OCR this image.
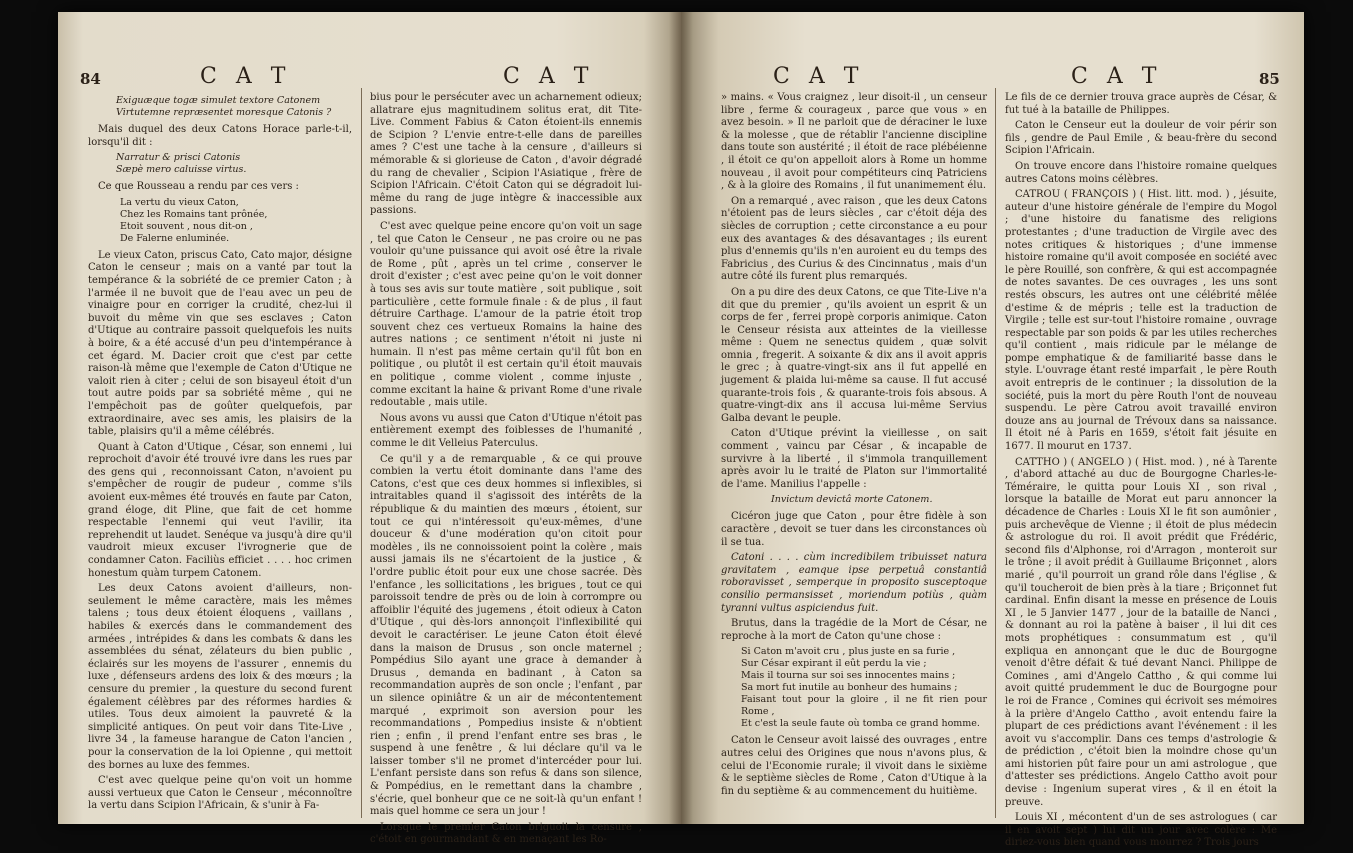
84	C A T	C A T
Exiguæque togæ simulet textore Catonem
Virtutemne repræsentet moresque Catonis ?

Mais duquel des deux Catons Horace parle-t-il, lorsqu'il dit :

Narratur & prisci Catonis
Sæpè mero caluisse virtus.

Ce que Rousseau a rendu par ces vers :

La vertu du vieux Caton,
Chez les Romains tant prônée,
Etoit souvent , nous dit-on ,
De Falerne enluminée.

Le vieux Caton, priscus Cato, Cato major, désigne Caton le censeur ; mais on a vanté par tout la tempérance & la sobriété de ce premier Caton ; à l'armée il ne buvoit que de l'eau avec un peu de vinaigre pour en corriger la crudité, chez-lui il buvoit du même vin que ses esclaves ; Caton d'Utique au contraire passoit quelquefois les nuits à boire, & a été accusé d'un peu d'intempérance à cet égard. M. Dacier croit que c'est par cette raison-là même que l'exemple de Caton d'Utique ne valoit rien à citer ; celui de son bisayeul étoit d'un tout autre poids par sa sobriété même , qui ne l'empêchoit pas de goûter quelquefois, par extraordinaire, avec ses amis, les plaisirs de la table, plaisirs qu'il a même célébrés.

Quant à Caton d'Utique , César, son ennemi , lui reprochoit d'avoir été trouvé ivre dans les rues par des gens qui , reconnoissant Caton, n'avoient pu s'empêcher de rougir de pudeur , comme s'ils avoient eux-mêmes été trouvés en faute par Caton, grand éloge, dit Pline, que fait de cet homme respectable l'ennemi qui veut l'avilir, ita reprehendit ut laudet. Senéque va jusqu'à dire qu'il vaudroit mieux excuser l'ivrognerie que de condamner Caton. Faciliùs efficiet . . . . hoc crimen honestum quàm turpem Catonem.

Les deux Catons avoient d'ailleurs, non-seulement le même caractère, mais les mêmes talens ; tous deux étoient éloquens , vaillans , habiles & exercés dans le commandement des armées , intrépides & dans les combats & dans les assemblées du sénat, zélateurs du bien public , éclairés sur les moyens de l'assurer , ennemis du luxe , défenseurs ardens des loix & des mœurs ; la censure du premier , la questure du second furent également célèbres par des réformes hardies & utiles. Tous deux aimoient la pauvreté & la simplicité antiques. On peut voir dans Tite-Live , livre 34 , la fameuse harangue de Caton l'ancien , pour la conservation de la loi Opienne , qui mettoit des bornes au luxe des femmes.

C'est avec quelque peine qu'on voit un homme aussi vertueux que Caton le Censeur , méconnoître la vertu dans Scipion l'Africain, & s'unir à Fa-

bius pour le persécuter avec un acharnement odieux; allatrare ejus magnitudinem solitus erat, dit Tite-Live. Comment Fabius & Caton étoient-ils ennemis de Scipion ? L'envie entre-t-elle dans de pareilles ames ? C'est une tache à la censure , d'ailleurs si mémorable & si glorieuse de Caton , d'avoir dégradé du rang de chevalier , Scipion l'Asiatique , frère de Scipion l'Africain. C'étoit Caton qui se dégradoit lui-même du rang de juge intègre & inaccessible aux passions.

C'est avec quelque peine encore qu'on voit un sage , tel que Caton le Censeur , ne pas croire ou ne pas vouloir qu'une puissance qui avoit osé être la rivale de Rome , pût , après un tel crime , conserver le droit d'exister ; c'est avec peine qu'on le voit donner à tous ses avis sur toute matière , soit publique , soit particulière , cette formule finale : & de plus , il faut détruire Carthage. L'amour de la patrie étoit trop souvent chez ces vertueux Romains la haine des autres nations ; ce sentiment n'étoit ni juste ni humain. Il n'est pas même certain qu'il fût bon en politique , ou plutôt il est certain qu'il étoit mauvais en politique , comme violent , comme injuste , comme excitant la haine & privant Rome d'une rivale redoutable , mais utile.

Nous avons vu aussi que Caton d'Utique n'étoit pas entièrement exempt des foiblesses de l'humanité , comme le dit Velleius Paterculus.

Ce qu'il y a de remarquable , & ce qui prouve combien la vertu étoit dominante dans l'ame des Catons, c'est que ces deux hommes si inflexibles, si intraitables quand il s'agissoit des intérêts de la république & du maintien des mœurs , étoient, sur tout ce qui n'intéressoit qu'eux-mêmes, d'une douceur & d'une modération qu'on citoit pour modèles , ils ne connoissoient point la colère , mais aussi jamais ils ne s'écartoient de la justice , & l'ordre public étoit pour eux une chose sacrée. Dès l'enfance , les sollicitations , les brigues , tout ce qui paroissoit tendre de près ou de loin à corrompre ou affoiblir l'équité des jugemens , étoit odieux à Caton d'Utique , qui dès-lors annonçoit l'inflexibilité qui devoit le caractériser. Le jeune Caton étoit élevé dans la maison de Drusus , son oncle maternel ; Pompédius Silo ayant une grace à demander à Drusus , demanda en badinant , à Caton sa recommandation auprès de son oncle ; l'enfant , par un silence opiniâtre & un air de mécontentement marqué , exprimoit son aversion pour les recommandations , Pompedius insiste & n'obtient rien ; enfin , il prend l'enfant entre ses bras , le suspend à une fenêtre , & lui déclare qu'il va le laisser tomber s'il ne promet d'intercéder pour lui. L'enfant persiste dans son refus & dans son silence, & Pompédius, en le remettant dans la chambre , s'écrie, quel bonheur que ce ne soit-là qu'un enfant ! mais quel homme ce sera un jour !

Lorsque le premier Caton briguoit la censure , c'étoit en gourmandant & en menaçant les Ro-

C A T	C A T	85

» mains. « Vous craignez , leur disoit-il , un censeur libre , ferme & courageux , parce que vous » en avez besoin. » Il ne parloit que de déraciner le luxe & la molesse , que de rétablir l'ancienne discipline dans toute son austérité ; il étoit de race plébéienne , il étoit ce qu'on appelloit alors à Rome un homme nouveau , il avoit pour compétiteurs cinq Patriciens , & à la gloire des Romains , il fut unanimement élu.

On a remarqué , avec raison , que les deux Catons n'étoient pas de leurs siècles , car c'étoit déja des siècles de corruption ; cette circonstance a eu pour eux des avantages & des désavantages ; ils eurent plus d'ennemis qu'ils n'en auroient eu du temps des Fabricius , des Curius & des Cincinnatus , mais d'un autre côté ils furent plus remarqués.

On a pu dire des deux Catons, ce que Tite-Live n'a dit que du premier , qu'ils avoient un esprit & un corps de fer , ferrei propè corporis animique. Caton le Censeur résista aux atteintes de la vieillesse même : Quem ne senectus quidem , quæ solvit omnia , fregerit. A soixante & dix ans il avoit appris le grec ; à quatre-vingt-six ans il fut appellé en jugement & plaida lui-même sa cause. Il fut accusé quarante-trois fois , & quarante-trois fois absous. A quatre-vingt-dix ans il accusa lui-même Servius Galba devant le peuple.

Caton d'Utique prévint la vieillesse , on sait comment , vaincu par César , & incapable de survivre à la liberté , il s'immola tranquillement après avoir lu le traité de Platon sur l'immortalité de l'ame. Manilius l'appelle :

Invictum devictâ morte Catonem.

Cicéron juge que Caton , pour être fidèle à son caractère , devoit se tuer dans les circonstances où il se tua.

Catoni . . . . cùm incredibilem tribuisset natura gravitatem , eamque ipse perpetuâ constantiâ roboravisset , semperque in proposito susceptoque consilio permansisset , moriendum potiùs , quàm tyranni vultus aspiciendus fuit.

Brutus, dans la tragédie de la Mort de César, ne reproche à la mort de Caton qu'une chose :

Si Caton m'avoit cru , plus juste en sa furie ,
Sur César expirant il eût perdu la vie ;
Mais il tourna sur soi ses innocentes mains ;
Sa mort fut inutile au bonheur des humains ;
Faisant tout pour la gloire , il ne fit rien pour Rome ,
Et c'est la seule faute où tomba ce grand homme.

Caton le Censeur avoit laissé des ouvrages , entre autres celui des Origines que nous n'avons plus, & celui de l'Economie rurale; il vivoit dans le sixième & le septième siècles de Rome , Caton d'Utique à la fin du septième & au commencement du huitième.

Le fils de ce dernier trouva grace auprès de César, & fut tué à la bataille de Philippes.

Caton le Censeur eut la douleur de voir périr son fils , gendre de Paul Emile , & beau-frère du second Scipion l'Africain.

On trouve encore dans l'histoire romaine quelques autres Catons moins célèbres.

CATROU ( FRANÇOIS ) ( Hist. litt. mod. ) , jésuite, auteur d'une histoire générale de l'empire du Mogol ; d'une histoire du fanatisme des religions protestantes ; d'une traduction de Virgile avec des notes critiques & historiques ; d'une immense histoire romaine qu'il avoit composée en société avec le père Rouillé, son confrère, & qui est accompagnée de notes savantes. De ces ouvrages , les uns sont restés obscurs, les autres ont une célébrité mêlée d'estime & de mépris ; telle est la traduction de Virgile ; telle est sur-tout l'histoire romaine , ouvrage respectable par son poids & par les utiles recherches qu'il contient , mais ridicule par le mélange de pompe emphatique & de familiarité basse dans le style. L'ouvrage étant resté imparfait , le père Routh avoit entrepris de le continuer ; la dissolution de la société, puis la mort du père Routh l'ont de nouveau suspendu. Le père Catrou avoit travaillé environ douze ans au journal de Trévoux dans sa naissance. Il étoit né à Paris en 1659, s'étoit fait jésuite en 1677. Il mourut en 1737.

CATTHO ) ( ANGELO ) ( Hist. mod. ) , né à Tarente , d'abord attaché au duc de Bourgogne Charles-le-Téméraire, le quitta pour Louis XI , son rival , lorsque la bataille de Morat eut paru annoncer la décadence de Charles : Louis XI le fit son aumônier , puis archevêque de Vienne ; il étoit de plus médecin & astrologue du roi. Il avoit prédit que Frédéric, second fils d'Alphonse, roi d'Arragon , monteroit sur le trône ; il avoit prédit à Guillaume Briçonnet , alors marié , qu'il pourroit un grand rôle dans l'église , & qu'il toucheroit de bien près à la tiare ; Briçonnet fut cardinal. Enfin disant la messe en présence de Louis XI , le 5 Janvier 1477 , jour de la bataille de Nanci , & donnant au roi la patène à baiser , il lui dit ces mots prophétiques : consummatum est , qu'il expliqua en annonçant que le duc de Bourgogne venoit d'être défait & tué devant Nanci. Philippe de Comines , ami d'Angelo Cattho , & qui comme lui avoit quitté prudemment le duc de Bourgogne pour le roi de France , Comines qui écrivoit ses mémoires à la prière d'Angelo Cattho , avoit entendu faire la plupart de ces prédictions avant l'événement : il les avoit vu s'accomplir. Dans ces temps d'astrologie & de prédiction , c'étoit bien la moindre chose qu'un ami historien pût faire pour un ami astrologue , que d'attester ses prédictions. Angelo Cattho avoit pour devise : Ingenium superat vires , & il en étoit la preuve.

Louis XI , mécontent d'un de ses astrologues ( car il en avoit sept ) lui dit un jour avec colère : Me diriez-vous bien quand vous mourrez ? Trois jours
